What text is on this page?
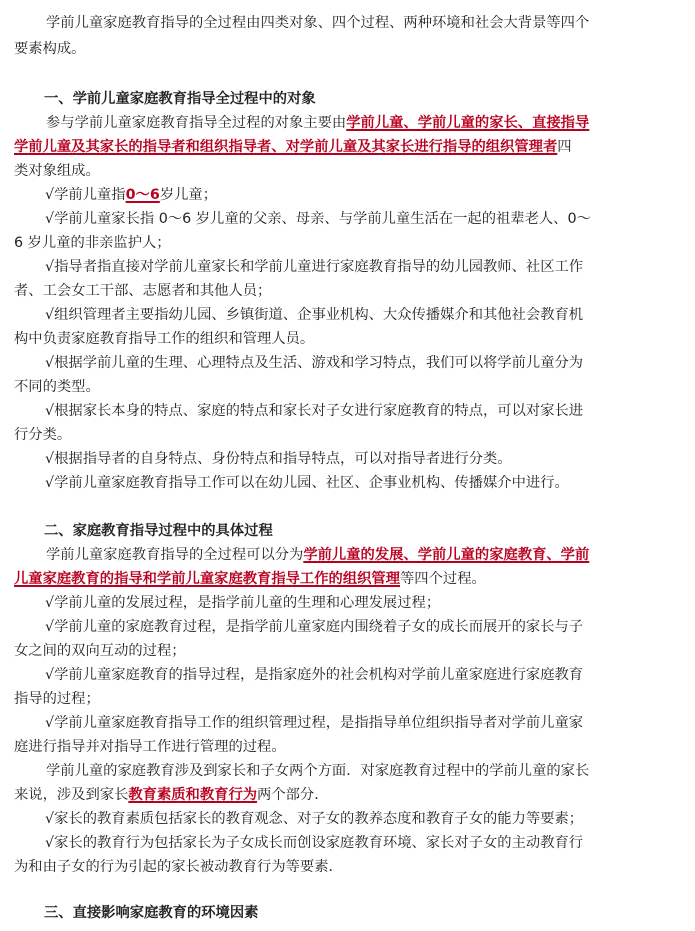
学前儿童家庭教育指导的全过程由四类对象、四个过程、两种环境和社会大背景等四个
要素构成。
一、学前儿童家庭教育指导全过程中的对象
参与学前儿童家庭教育指导全过程的对象主要由学前儿童、学前儿童的家长、直接指导
学前儿童及其家长的指导者和组织指导者、对学前儿童及其家长进行指导的组织管理者四
类对象组成。
√学前儿童指0～6岁儿童；
√学前儿童家长指 0～6 岁儿童的父亲、母亲、与学前儿童生活在一起的祖辈老人、0～
6 岁儿童的非亲监护人；
√指导者指直接对学前儿童家长和学前儿童进行家庭教育指导的幼儿园教师、社区工作
者、工会女工干部、志愿者和其他人员；
√组织管理者主要指幼儿园、乡镇街道、企事业机构、大众传播媒介和其他社会教育机
构中负责家庭教育指导工作的组织和管理人员。
√根据学前儿童的生理、心理特点及生活、游戏和学习特点，我们可以将学前儿童分为
不同的类型。
√根据家长本身的特点、家庭的特点和家长对子女进行家庭教育的特点，可以对家长进
行分类。
√根据指导者的自身特点、身份特点和指导特点，可以对指导者进行分类。
√学前儿童家庭教育指导工作可以在幼儿园、社区、企事业机构、传播媒介中进行。
二、家庭教育指导过程中的具体过程
学前儿童家庭教育指导的全过程可以分为学前儿童的发展、学前儿童的家庭教育、学前
儿童家庭教育的指导和学前儿童家庭教育指导工作的组织管理等四个过程。
√学前儿童的发展过程，是指学前儿童的生理和心理发展过程；
√学前儿童的家庭教育过程，是指学前儿童家庭内围绕着子女的成长而展开的家长与子
女之间的双向互动的过程；
√学前儿童家庭教育的指导过程，是指家庭外的社会机构对学前儿童家庭进行家庭教育
指导的过程；
√学前儿童家庭教育指导工作的组织管理过程，是指指导单位组织指导者对学前儿童家
庭进行指导并对指导工作进行管理的过程。
学前儿童的家庭教育涉及到家长和子女两个方面．对家庭教育过程中的学前儿童的家长
来说，涉及到家长教育素质和教育行为两个部分．
√家长的教育素质包括家长的教育观念、对子女的教养态度和教育子女的能力等要素；
√家长的教育行为包括家长为子女成长而创设家庭教育环境、家长对子女的主动教育行
为和由子女的行为引起的家长被动教育行为等要素．
三、直接影响家庭教育的环境因素
